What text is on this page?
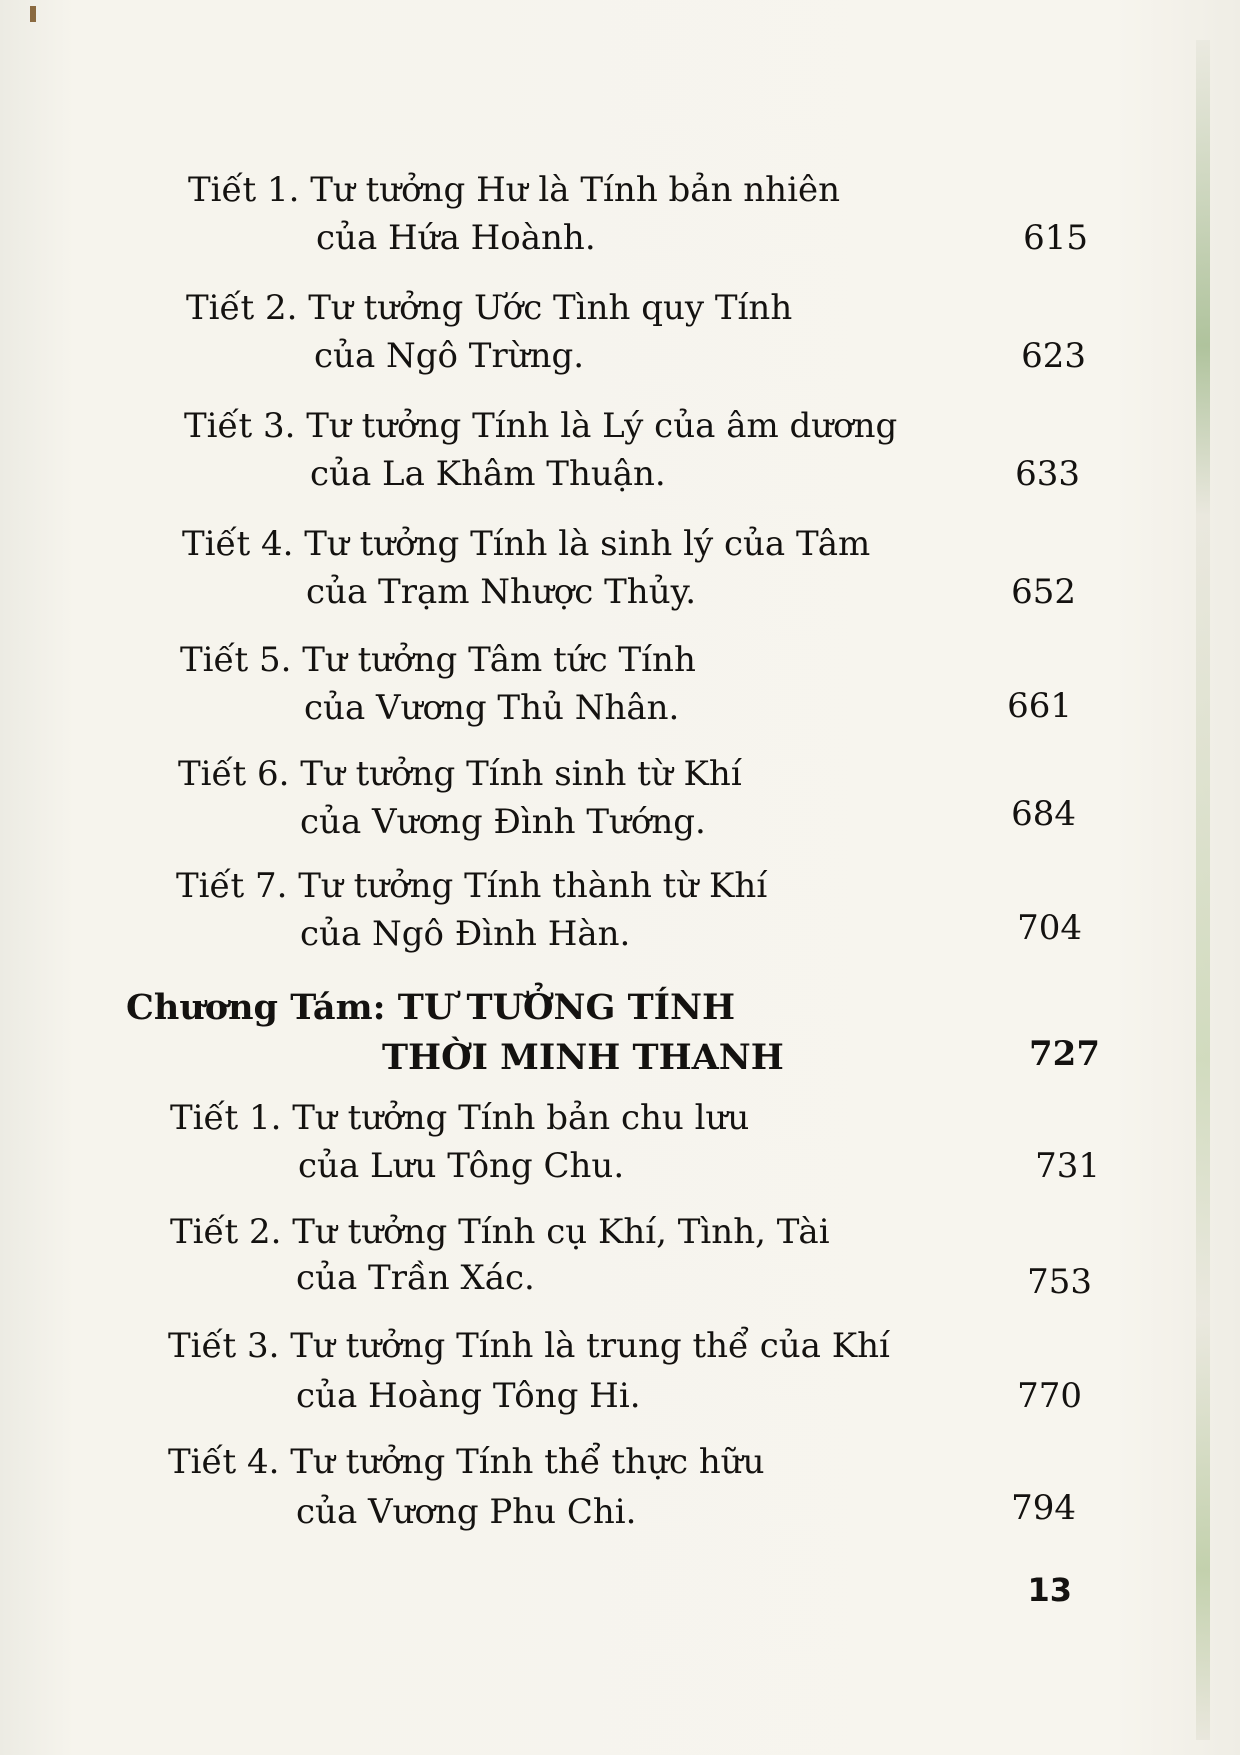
Tiết 1. Tư tưởng Hư là Tính bản nhiên
của Hứa Hoành.	615
Tiết 2. Tư tưởng Ước Tình quy Tính
của Ngô Trừng.	623
Tiết 3. Tư tưởng Tính là Lý của âm dương
của La Khâm Thuận.	633
Tiết 4. Tư tưởng Tính là sinh lý của Tâm
của Trạm Nhược Thủy.	652
Tiết 5. Tư tưởng Tâm tức Tính
của Vương Thủ Nhân.	661
Tiết 6. Tư tưởng Tính sinh từ Khí
của Vương Đình Tướng.	684
Tiết 7. Tư tưởng Tính thành từ Khí
của Ngô Đình Hàn.	704
Chương Tám: TƯ TƯỞNG TÍNH
THỜI MINH THANH	727
Tiết 1. Tư tưởng Tính bản chu lưu
của Lưu Tông Chu.	731
Tiết 2. Tư tưởng Tính cụ Khí, Tình, Tài
của Trần Xác.	753
Tiết 3. Tư tưởng Tính là trung thể của Khí
của Hoàng Tông Hi.	770
Tiết 4. Tư tưởng Tính thể thực hữu
của Vương Phu Chi.	794
13
